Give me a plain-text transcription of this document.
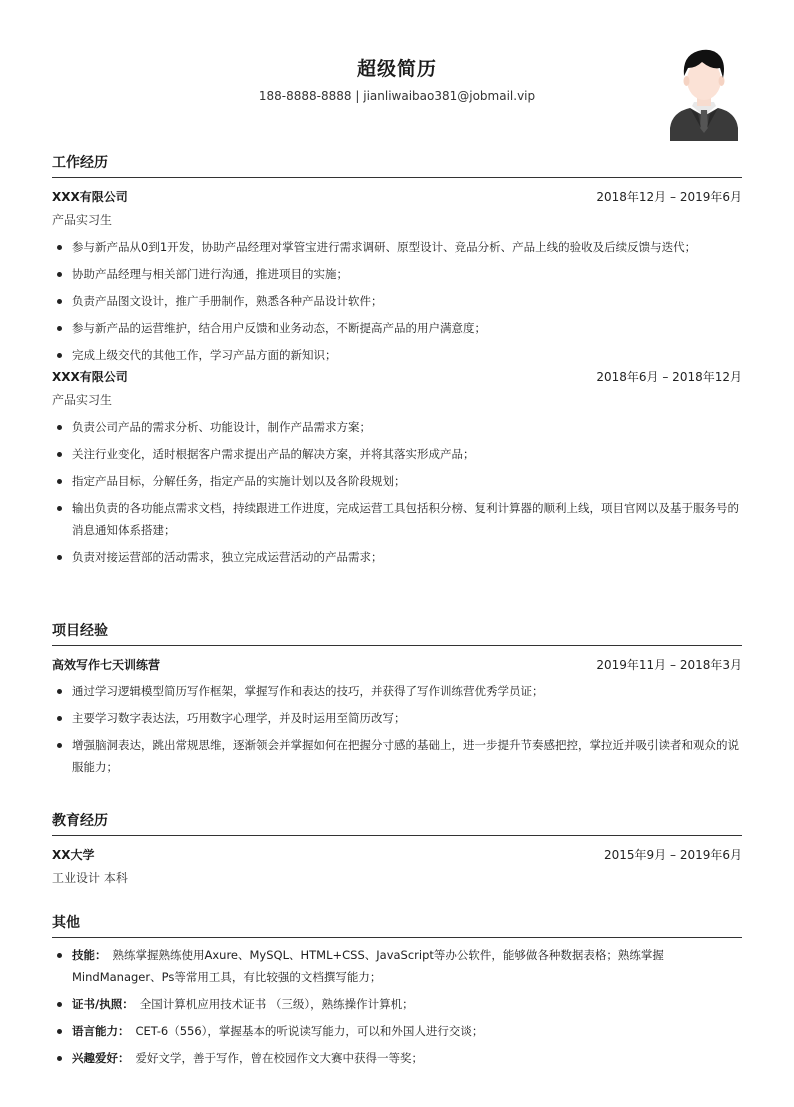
超级简历
188-8888-8888 | jianliwaibao381@jobmail.vip
工作经历
XXX有限公司	2018年12月 – 2019年6月
产品实习生
参与新产品从0到1开发，协助产品经理对掌管宝进行需求调研、原型设计、竞品分析、产品上线的验收及后续反馈与迭代；
协助产品经理与相关部门进行沟通，推进项目的实施；
负责产品图文设计，推广手册制作，熟悉各种产品设计软件；
参与新产品的运营维护，结合用户反馈和业务动态，不断提高产品的用户满意度；
完成上级交代的其他工作，学习产品方面的新知识；
XXX有限公司	2018年6月 – 2018年12月
产品实习生
负责公司产品的需求分析、功能设计，制作产品需求方案；
关注行业变化，适时根据客户需求提出产品的解决方案，并将其落实形成产品；
指定产品目标，分解任务，指定产品的实施计划以及各阶段规划；
输出负责的各功能点需求文档，持续跟进工作进度，完成运营工具包括积分榜、复利计算器的顺利上线，项目官网以及基于服务号的消息通知体系搭建；
负责对接运营部的活动需求，独立完成运营活动的产品需求；
项目经验
高效写作七天训练营	2019年11月 – 2018年3月
通过学习逻辑模型简历写作框架，掌握写作和表达的技巧，并获得了写作训练营优秀学员证；
主要学习数字表达法，巧用数字心理学，并及时运用至简历改写；
增强脑洞表达，跳出常规思维，逐渐领会并掌握如何在把握分寸感的基础上，进一步提升节奏感把控，掌拉近并吸引读者和观众的说服能力；
教育经历
XX大学	2015年9月 – 2019年6月
工业设计 本科
其他
技能： 熟练掌握熟练使用Axure、MySQL、HTML+CSS、JavaScript等办公软件，能够做各种数据表格；熟练掌握MindManager、Ps等常用工具，有比较强的文档撰写能力；
证书/执照： 全国计算机应用技术证书 （三级），熟练操作计算机；
语言能力： CET-6（556），掌握基本的听说读写能力，可以和外国人进行交谈；
兴趣爱好： 爱好文学，善于写作，曾在校园作文大赛中获得一等奖；
